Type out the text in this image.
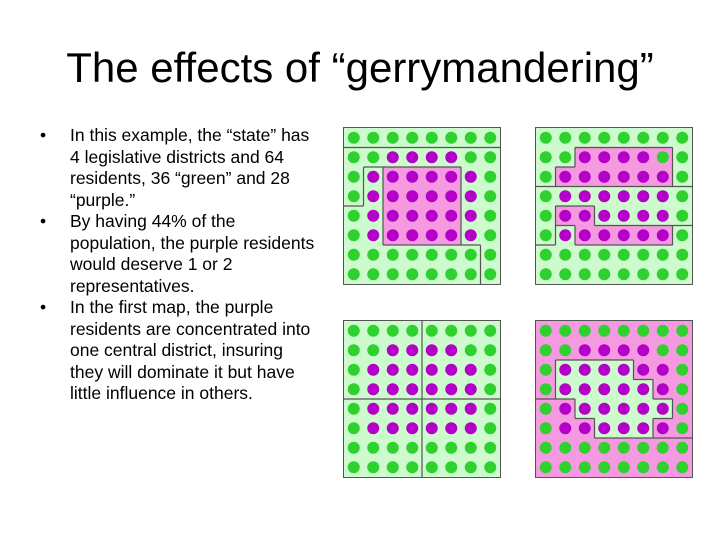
The effects of “gerrymandering”
• In this example, the “state” has 4 legislative districts and 64 residents, 36 “green” and 28 “purple.”
• By having 44% of the population, the purple residents would deserve 1 or 2 representatives.
• In the first map, the purple residents are concentrated into one central district, insuring they will dominate it but have little influence in others.
